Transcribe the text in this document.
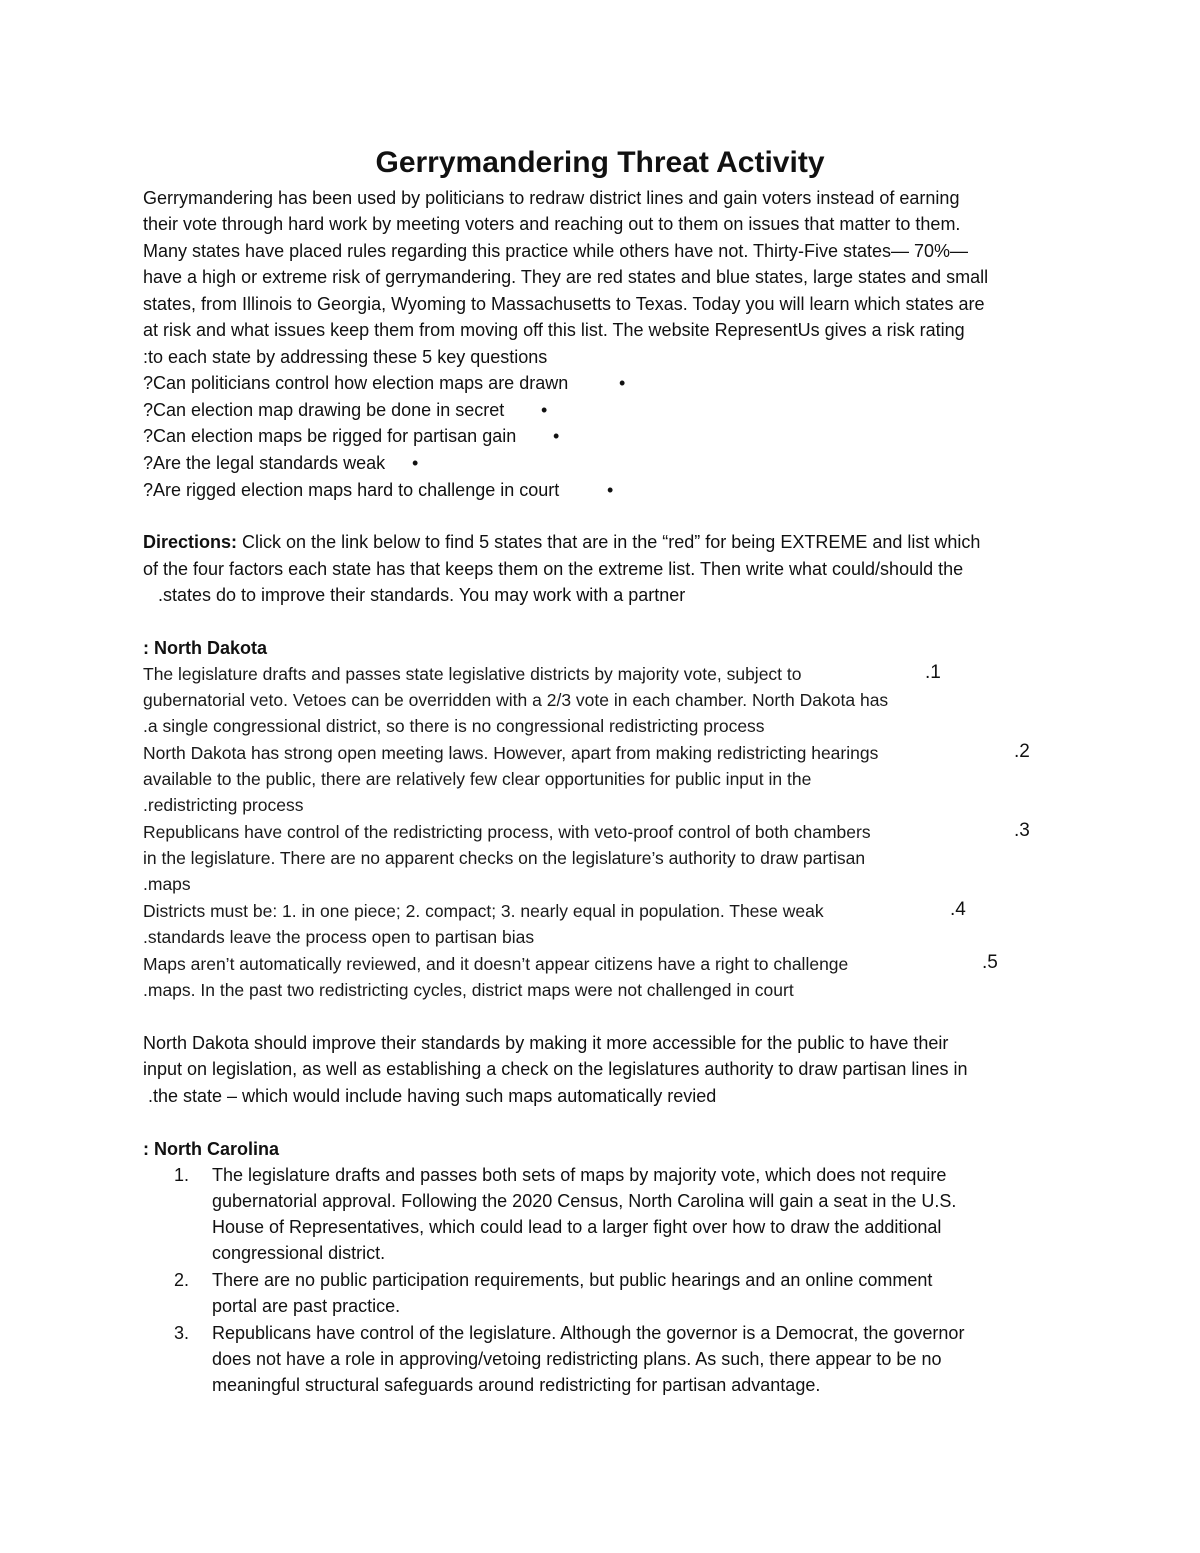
Gerrymandering Threat Activity
Gerrymandering has been used by politicians to redraw district lines and gain voters instead of earning
their vote through hard work by meeting voters and reaching out to them on issues that matter to them.
Many states have placed rules regarding this practice while others have not. Thirty-Five states— 70%—
have a high or extreme risk of gerrymandering. They are red states and blue states, large states and small
states, from Illinois to Georgia, Wyoming to Massachusetts to Texas. Today you will learn which states are
at risk and what issues keep them from moving off this list. The website RepresentUs gives a risk rating
:to each state by addressing these 5 key questions
?Can politicians control how election maps are drawn	•
?Can election map drawing be done in secret •
?Can election maps be rigged for partisan gain •
?Are the legal standards weak •
?Are rigged election maps hard to challenge in court	•
Directions: Click on the link below to find 5 states that are in the “red” for being EXTREME and list which
of the four factors each state has that keeps them on the extreme list. Then write what could/should the
.states do to improve their standards. You may work with a partner
: North Dakota
The legislature drafts and passes state legislative districts by majority vote, subject to	.1
gubernatorial veto. Vetoes can be overridden with a 2/3 vote in each chamber. North Dakota has
.a single congressional district, so there is no congressional redistricting process
North Dakota has strong open meeting laws. However, apart from making redistricting hearings	.2
available to the public, there are relatively few clear opportunities for public input in the
.redistricting process
Republicans have control of the redistricting process, with veto-proof control of both chambers	.3
in the legislature. There are no apparent checks on the legislature’s authority to draw partisan
.maps
Districts must be: 1. in one piece; 2. compact; 3. nearly equal in population. These weak	.4
.standards leave the process open to partisan bias
Maps aren’t automatically reviewed, and it doesn’t appear citizens have a right to challenge	.5
.maps. In the past two redistricting cycles, district maps were not challenged in court
North Dakota should improve their standards by making it more accessible for the public to have their
input on legislation, as well as establishing a check on the legislatures authority to draw partisan lines in
.the state – which would include having such maps automatically revied
: North Carolina
1. The legislature drafts and passes both sets of maps by majority vote, which does not require
gubernatorial approval. Following the 2020 Census, North Carolina will gain a seat in the U.S.
House of Representatives, which could lead to a larger fight over how to draw the additional
congressional district.
2. There are no public participation requirements, but public hearings and an online comment
portal are past practice.
3. Republicans have control of the legislature. Although the governor is a Democrat, the governor
does not have a role in approving/vetoing redistricting plans. As such, there appear to be no
meaningful structural safeguards around redistricting for partisan advantage.
